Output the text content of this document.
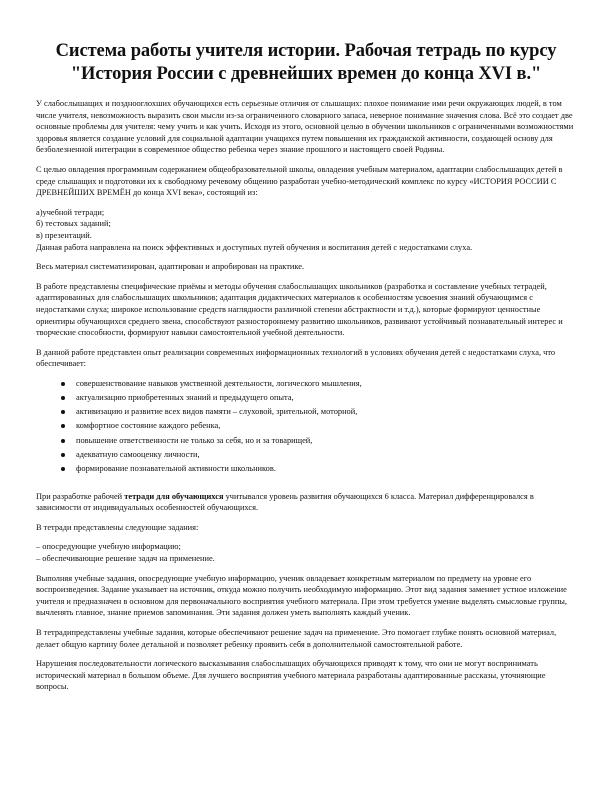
Система работы учителя истории. Рабочая тетрадь по курсу "История России с древнейших времен до конца XVI в."

У слабослышащих и позднооглохших обучающихся есть серьезные отличия от слышащих: плохое понимание ими речи окружающих людей, в том числе учителя, невозможность выразить свои мысли из-за ограниченного словарного запаса, неверное понимание значения слова. Всё это создает две основные проблемы для учителя: чему учить и как учить. Исходя из этого, основной целью в обучении школьников с ограниченными возможностями здоровья является создание условий для социальной адаптации учащихся путем повышения их гражданской активности, создающей основу для безболезненной интеграции в современное общество ребенка через знание прошлого и настоящего своей Родины.

С целью овладения программным содержанием общеобразовательной школы, овладения учебным материалом, адаптации слабослышащих детей в среде слышащих и подготовки их к свободному речевому общению разработан учебно-методический комплекс по курсу «ИСТОРИЯ РОССИИ С ДРЕВНЕЙШИХ ВРЕМЁН до конца XVI века», состоящий из:

а)учебной тетради;
б) тестовых заданий;
в) презентаций.
Данная работа направлена на поиск эффективных и доступных путей обучения и воспитания детей с недостатками слуха.

Весь материал систематизирован, адаптирован и апробирован на практике.

В работе представлены специфические приёмы и методы обучения слабослышащих школьников (разработка и составление учебных тетрадей, адаптированных для слабослышащих школьников; адаптация дидактических материалов к особенностям усвоения знаний обучающимся с недостатками слуха; широкое использование средств наглядности различной степени абстрактности и т.д.), которые формируют ценностные ориентиры обучающихся среднего звена, способствуют разностороннему развитию школьников, развивают устойчивый познавательный интерес и творческие способности, формируют навыки самостоятельной учебной деятельности.

В данной работе представлен опыт реализации современных информационных технологий в условиях обучения детей с недостатками слуха, что обеспечивает:

совершенствование навыков умственной деятельности, логического мышления,
актуализацию приобретенных знаний и предыдущего опыта,
активизацию и развитие всех видов памяти – слуховой, зрительной, моторной,
комфортное состояние каждого ребенка,
повышение ответственности не только за себя, но и за товарищей,
адекватную самооценку личности,
формирование познавательной активности школьников.

При разработке рабочей тетради для обучающихся учитывался уровень развития обучающихся 6 класса. Материал дифференцировался в зависимости от индивидуальных особенностей обучающихся.

В тетради представлены следующие задания:

– опосредующие учебную информацию;
– обеспечивающие решение задач на применение.

Выполняя учебные задания, опосредующие учебную информацию, ученик овладевает конкретным материалом по предмету на уровне его воспроизведения. Задание указывает на источник, откуда можно получить необходимую информацию. Этот вид задания заменяет устное изложение учителя и предназначен в основном для первоначального восприятия учебного материала. При этом требуется умение выделять смысловые группы, вычленять главное, знание приемов запоминания. Эти задания должен уметь выполнять каждый ученик.

В тетрадипредставлены учебные задания, которые обеспечивают решение задач на применение. Это помогает глубже понять основной материал, делает общую картину более детальной и позволяет ребенку проявить себя в дополнительной самостоятельной работе.

Нарушения последовательности логического высказывания слабослышащих обучающихся приводят к тому, что они не могут воспринимать исторический материал в большом объеме. Для лучшего восприятия учебного материала разработаны адаптированные рассказы, уточняющие вопросы.
